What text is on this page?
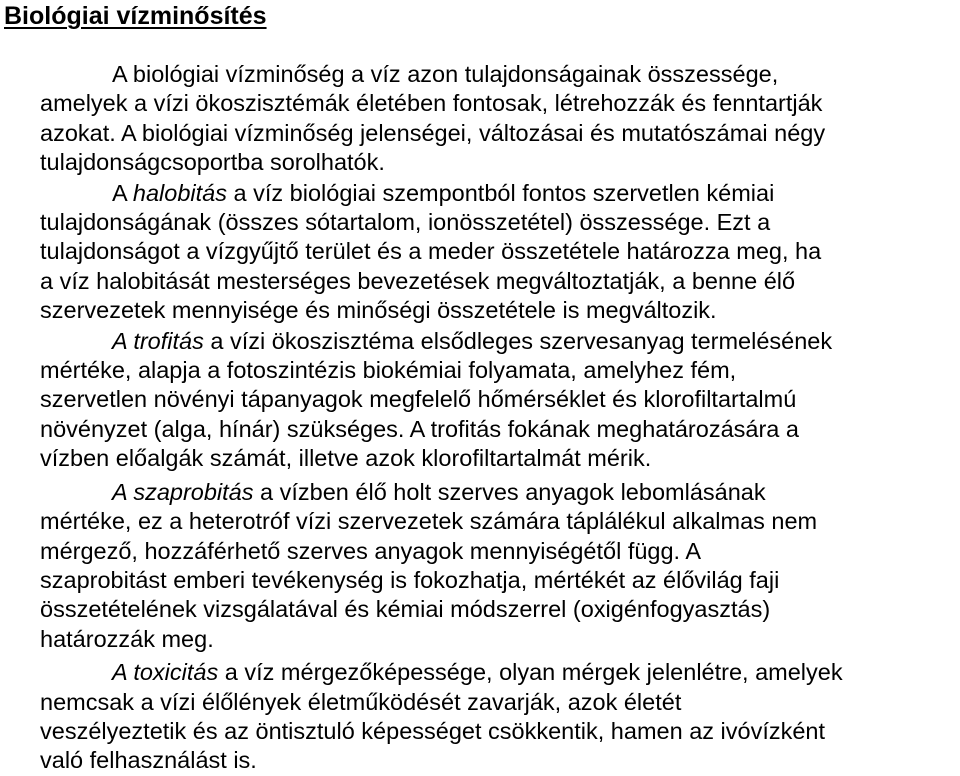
Biológiai vízminősítés
A biológiai vízminőség a víz azon tulajdonságainak összessége,
amelyek a vízi ökoszisztémák életében fontosak, létrehozzák és fenntartják
azokat. A biológiai vízminőség jelenségei, változásai és mutatószámai négy
tulajdonságcsoportba sorolhatók.
A halobitás a víz biológiai szempontból fontos szervetlen kémiai
tulajdonságának (összes sótartalom, ionösszetétel) összessége. Ezt a
tulajdonságot a vízgyűjtő terület és a meder összetétele határozza meg, ha
a víz halobitását mesterséges bevezetések megváltoztatják, a benne élő
szervezetek mennyisége és minőségi összetétele is megváltozik.
A trofitás a vízi ökoszisztéma elsődleges szervesanyag termelésének
mértéke, alapja a fotoszintézis biokémiai folyamata, amelyhez fém,
szervetlen növényi tápanyagok megfelelő hőmérséklet és klorofiltartalmú
növényzet (alga, hínár) szükséges. A trofitás fokának meghatározására a
vízben előalgák számát, illetve azok klorofiltartalmát mérik.
A szaprobitás a vízben élő holt szerves anyagok lebomlásának
mértéke, ez a heterotróf vízi szervezetek számára táplálékul alkalmas nem
mérgező, hozzáférhető szerves anyagok mennyiségétől függ. A
szaprobitást emberi tevékenység is fokozhatja, mértékét az élővilág faji
összetételének vizsgálatával és kémiai módszerrel (oxigénfogyasztás)
határozzák meg.
A toxicitás a víz mérgezőképessége, olyan mérgek jelenlétre, amelyek
nemcsak a vízi élőlények életműködését zavarják, azok életét
veszélyeztetik és az öntisztuló képességet csökkentik, hamen az ivóvízként
való felhasználást is.
